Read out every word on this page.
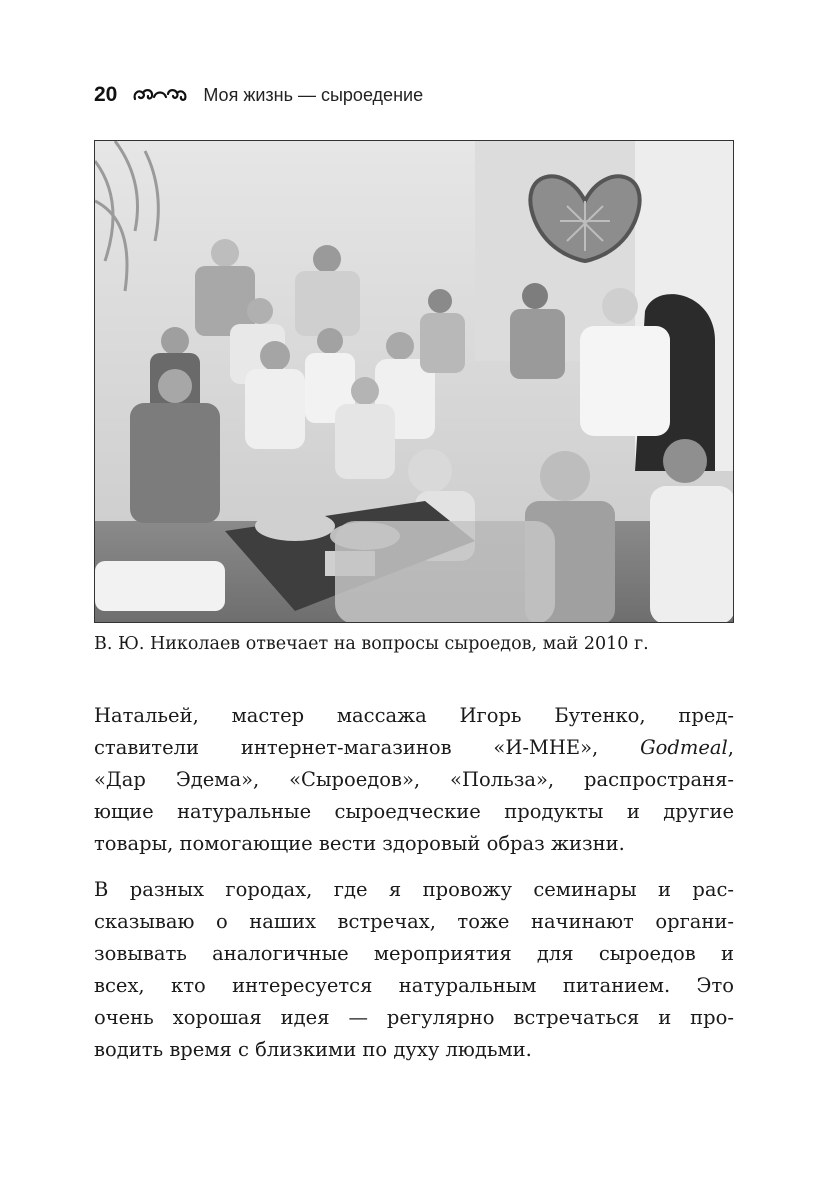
20	Моя жизнь — сыроедение
В. Ю. Николаев отвечает на вопросы сыроедов, май 2010 г.
Натальей, мастер массажа Игорь Бутенко, пред-
ставители интернет-магазинов «И-МНЕ», Godmeal,
«Дар Эдема», «Сыроедов», «Польза», распространя-
ющие натуральные сыроедческие продукты и другие
товары, помогающие вести здоровый образ жизни.
В разных городах, где я провожу семинары и рас-
сказываю о наших встречах, тоже начинают органи-
зовывать аналогичные мероприятия для сыроедов и
всех, кто интересуется натуральным питанием. Это
очень хорошая идея — регулярно встречаться и про-
водить время с близкими по духу людьми.
